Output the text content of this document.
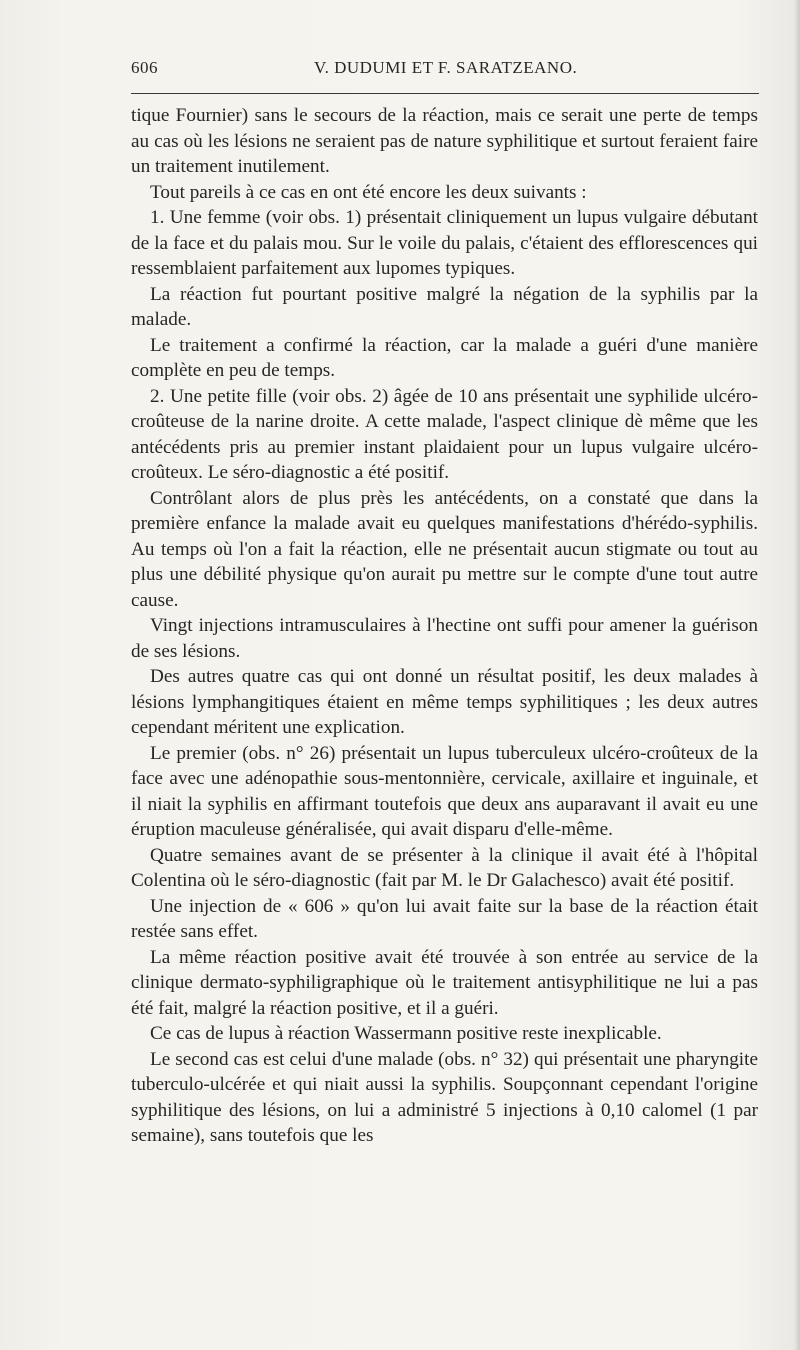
606	V. DUDUMI ET F. SARATZEANO.

tique Fournier) sans le secours de la réaction, mais ce serait une perte de temps au cas où les lésions ne seraient pas de nature syphilitique et surtout feraient faire un traitement inutilement.

Tout pareils à ce cas en ont été encore les deux suivants :

1. Une femme (voir obs. 1) présentait cliniquement un lupus vulgaire débutant de la face et du palais mou. Sur le voile du palais, c'étaient des efflorescences qui ressemblaient parfaitement aux lupomes typiques.

La réaction fut pourtant positive malgré la négation de la syphilis par la malade.

Le traitement a confirmé la réaction, car la malade a guéri d'une manière complète en peu de temps.

2. Une petite fille (voir obs. 2) âgée de 10 ans présentait une syphilide ulcéro-croûteuse de la narine droite. A cette malade, l'aspect clinique dè même que les antécédents pris au premier instant plaidaient pour un lupus vulgaire ulcéro-croûteux. Le séro-diagnostic a été positif.

Contrôlant alors de plus près les antécédents, on a constaté que dans la première enfance la malade avait eu quelques manifestations d'hérédo-syphilis. Au temps où l'on a fait la réaction, elle ne présentait aucun stigmate ou tout au plus une débilité physique qu'on aurait pu mettre sur le compte d'une tout autre cause.

Vingt injections intramusculaires à l'hectine ont suffi pour amener la guérison de ses lésions.

Des autres quatre cas qui ont donné un résultat positif, les deux malades à lésions lymphangitiques étaient en même temps syphilitiques ; les deux autres cependant méritent une explication.

Le premier (obs. n° 26) présentait un lupus tuberculeux ulcéro-croûteux de la face avec une adénopathie sous-mentonnière, cervicale, axillaire et inguinale, et il niait la syphilis en affirmant toutefois que deux ans auparavant il avait eu une éruption maculeuse généralisée, qui avait disparu d'elle-même.

Quatre semaines avant de se présenter à la clinique il avait été à l'hôpital Colentina où le séro-diagnostic (fait par M. le Dr Galachesco) avait été positif.

Une injection de « 606 » qu'on lui avait faite sur la base de la réaction était restée sans effet.

La même réaction positive avait été trouvée à son entrée au service de la clinique dermato-syphiligraphique où le traitement antisyphilitique ne lui a pas été fait, malgré la réaction positive, et il a guéri.

Ce cas de lupus à réaction Wassermann positive reste inexplicable.

Le second cas est celui d'une malade (obs. n° 32) qui présentait une pharyngite tuberculo-ulcérée et qui niait aussi la syphilis. Soupçonnant cependant l'origine syphilitique des lésions, on lui a administré 5 injections à 0,10 calomel (1 par semaine), sans toutefois que les
